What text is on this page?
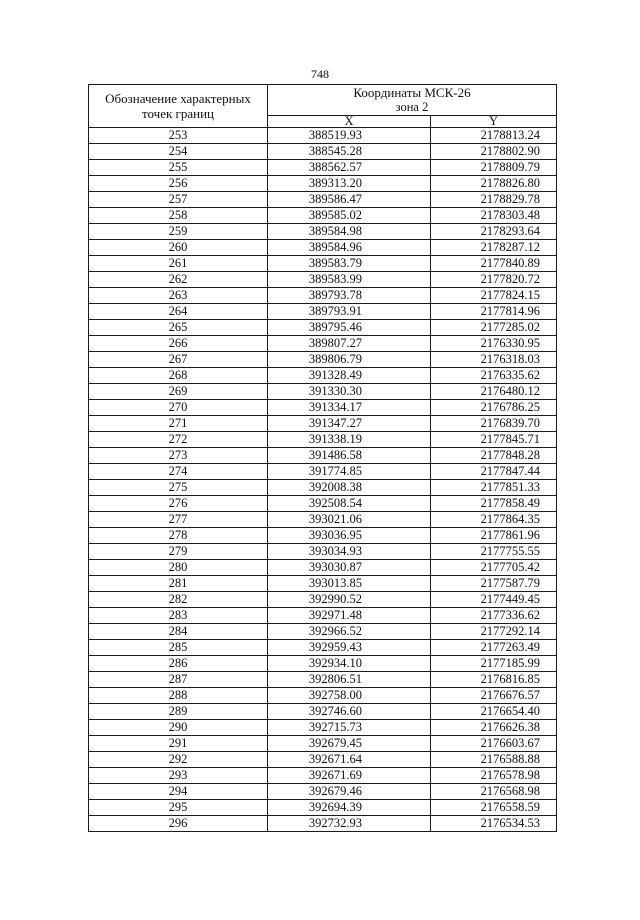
748
Обозначение характерных точек границ	Координаты МСК-26
зона 2	

	X	Y
253	388519.93	2178813.24
254	388545.28	2178802.90
255	388562.57	2178809.79
256	389313.20	2178826.80
257	389586.47	2178829.78
258	389585.02	2178303.48
259	389584.98	2178293.64
260	389584.96	2178287.12
261	389583.79	2177840.89
262	389583.99	2177820.72
263	389793.78	2177824.15
264	389793.91	2177814.96
265	389795.46	2177285.02
266	389807.27	2176330.95
267	389806.79	2176318.03
268	391328.49	2176335.62
269	391330.30	2176480.12
270	391334.17	2176786.25
271	391347.27	2176839.70
272	391338.19	2177845.71
273	391486.58	2177848.28
274	391774.85	2177847.44
275	392008.38	2177851.33
276	392508.54	2177858.49
277	393021.06	2177864.35
278	393036.95	2177861.96
279	393034.93	2177755.55
280	393030.87	2177705.42
281	393013.85	2177587.79
282	392990.52	2177449.45
283	392971.48	2177336.62
284	392966.52	2177292.14
285	392959.43	2177263.49
286	392934.10	2177185.99
287	392806.51	2176816.85
288	392758.00	2176676.57
289	392746.60	2176654.40
290	392715.73	2176626.38
291	392679.45	2176603.67
292	392671.64	2176588.88
293	392671.69	2176578.98
294	392679.46	2176568.98
295	392694.39	2176558.59
296	392732.93	2176534.53
